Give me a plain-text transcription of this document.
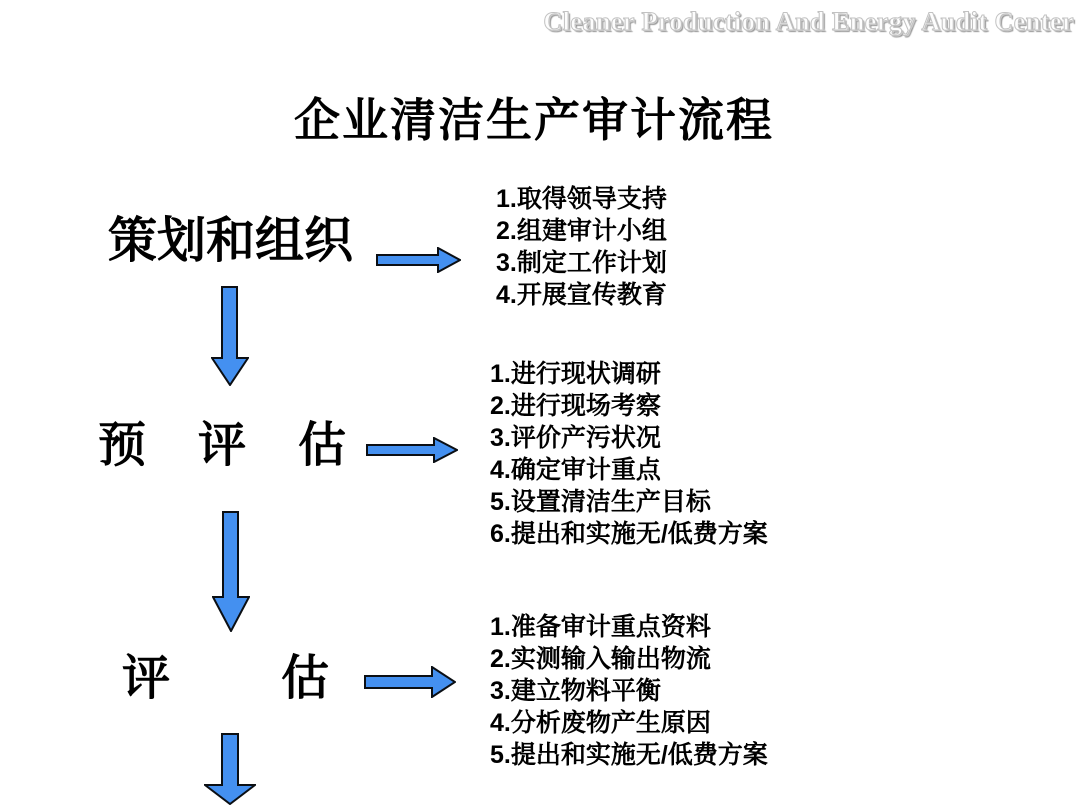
Cleaner Production And Energy Audit Center
企业清洁生产审计流程
策划和组织
1.取得领导支持
2.组建审计小组
3.制定工作计划
4.开展宣传教育
预　评　估
1.进行现状调研
2.进行现场考察
3.评价产污状况
4.确定审计重点
5.设置清洁生产目标
6.提出和实施无/低费方案
评　　估
1.准备审计重点资料
2.实测输入输出物流
3.建立物料平衡
4.分析废物产生原因
5.提出和实施无/低费方案
